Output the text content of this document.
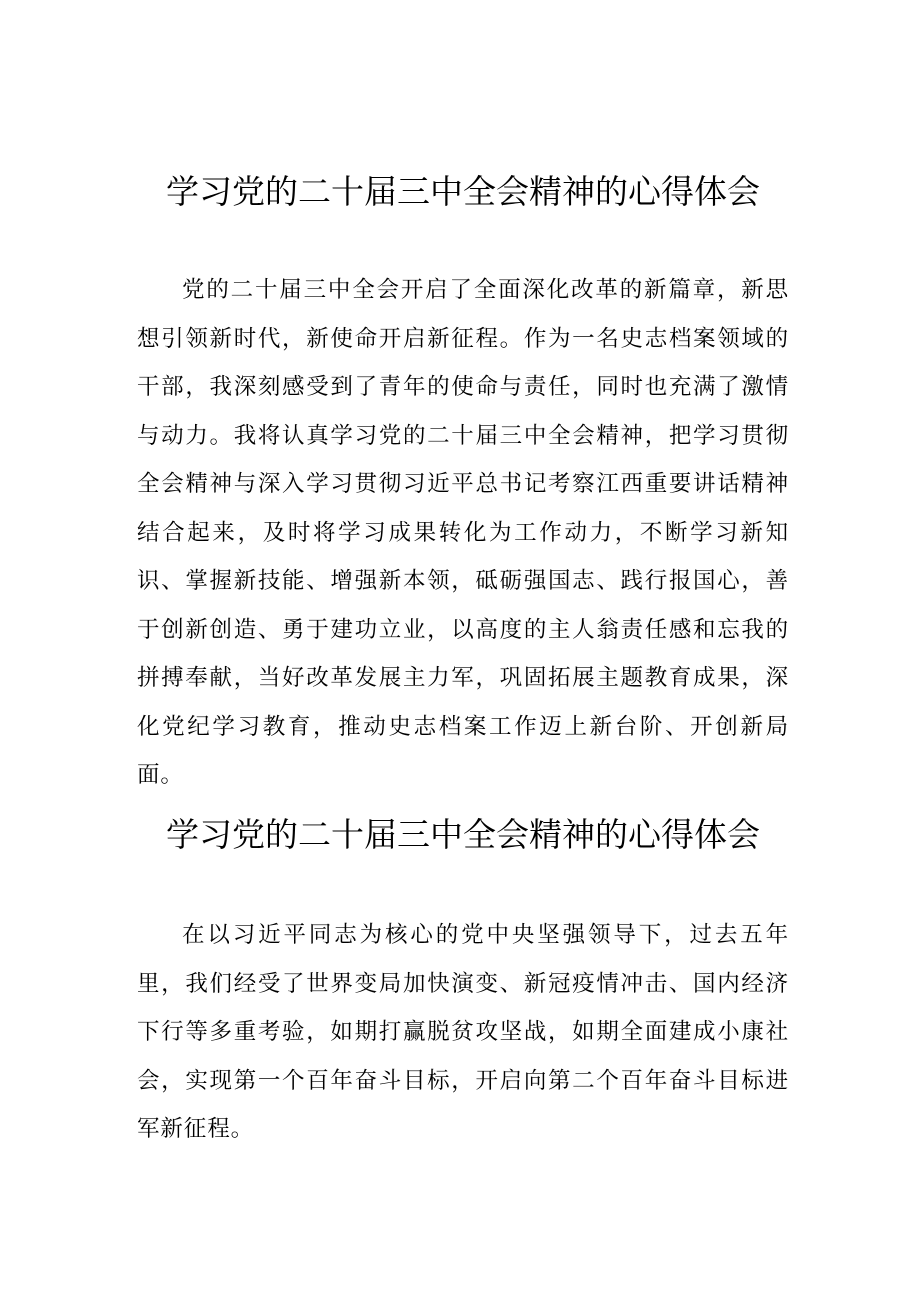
学习党的二十届三中全会精神的心得体会

党的二十届三中全会开启了全面深化改革的新篇章，新思想引领新时代，新使命开启新征程。作为一名史志档案领域的干部，我深刻感受到了青年的使命与责任，同时也充满了激情与动力。我将认真学习党的二十届三中全会精神，把学习贯彻全会精神与深入学习贯彻习近平总书记考察江西重要讲话精神结合起来，及时将学习成果转化为工作动力，不断学习新知识、掌握新技能、增强新本领，砥砺强国志、践行报国心，善于创新创造、勇于建功立业，以高度的主人翁责任感和忘我的拼搏奉献，当好改革发展主力军，巩固拓展主题教育成果，深化党纪学习教育，推动史志档案工作迈上新台阶、开创新局面。

学习党的二十届三中全会精神的心得体会

在以习近平同志为核心的党中央坚强领导下，过去五年里，我们经受了世界变局加快演变、新冠疫情冲击、国内经济下行等多重考验，如期打赢脱贫攻坚战，如期全面建成小康社会，实现第一个百年奋斗目标，开启向第二个百年奋斗目标进军新征程。
